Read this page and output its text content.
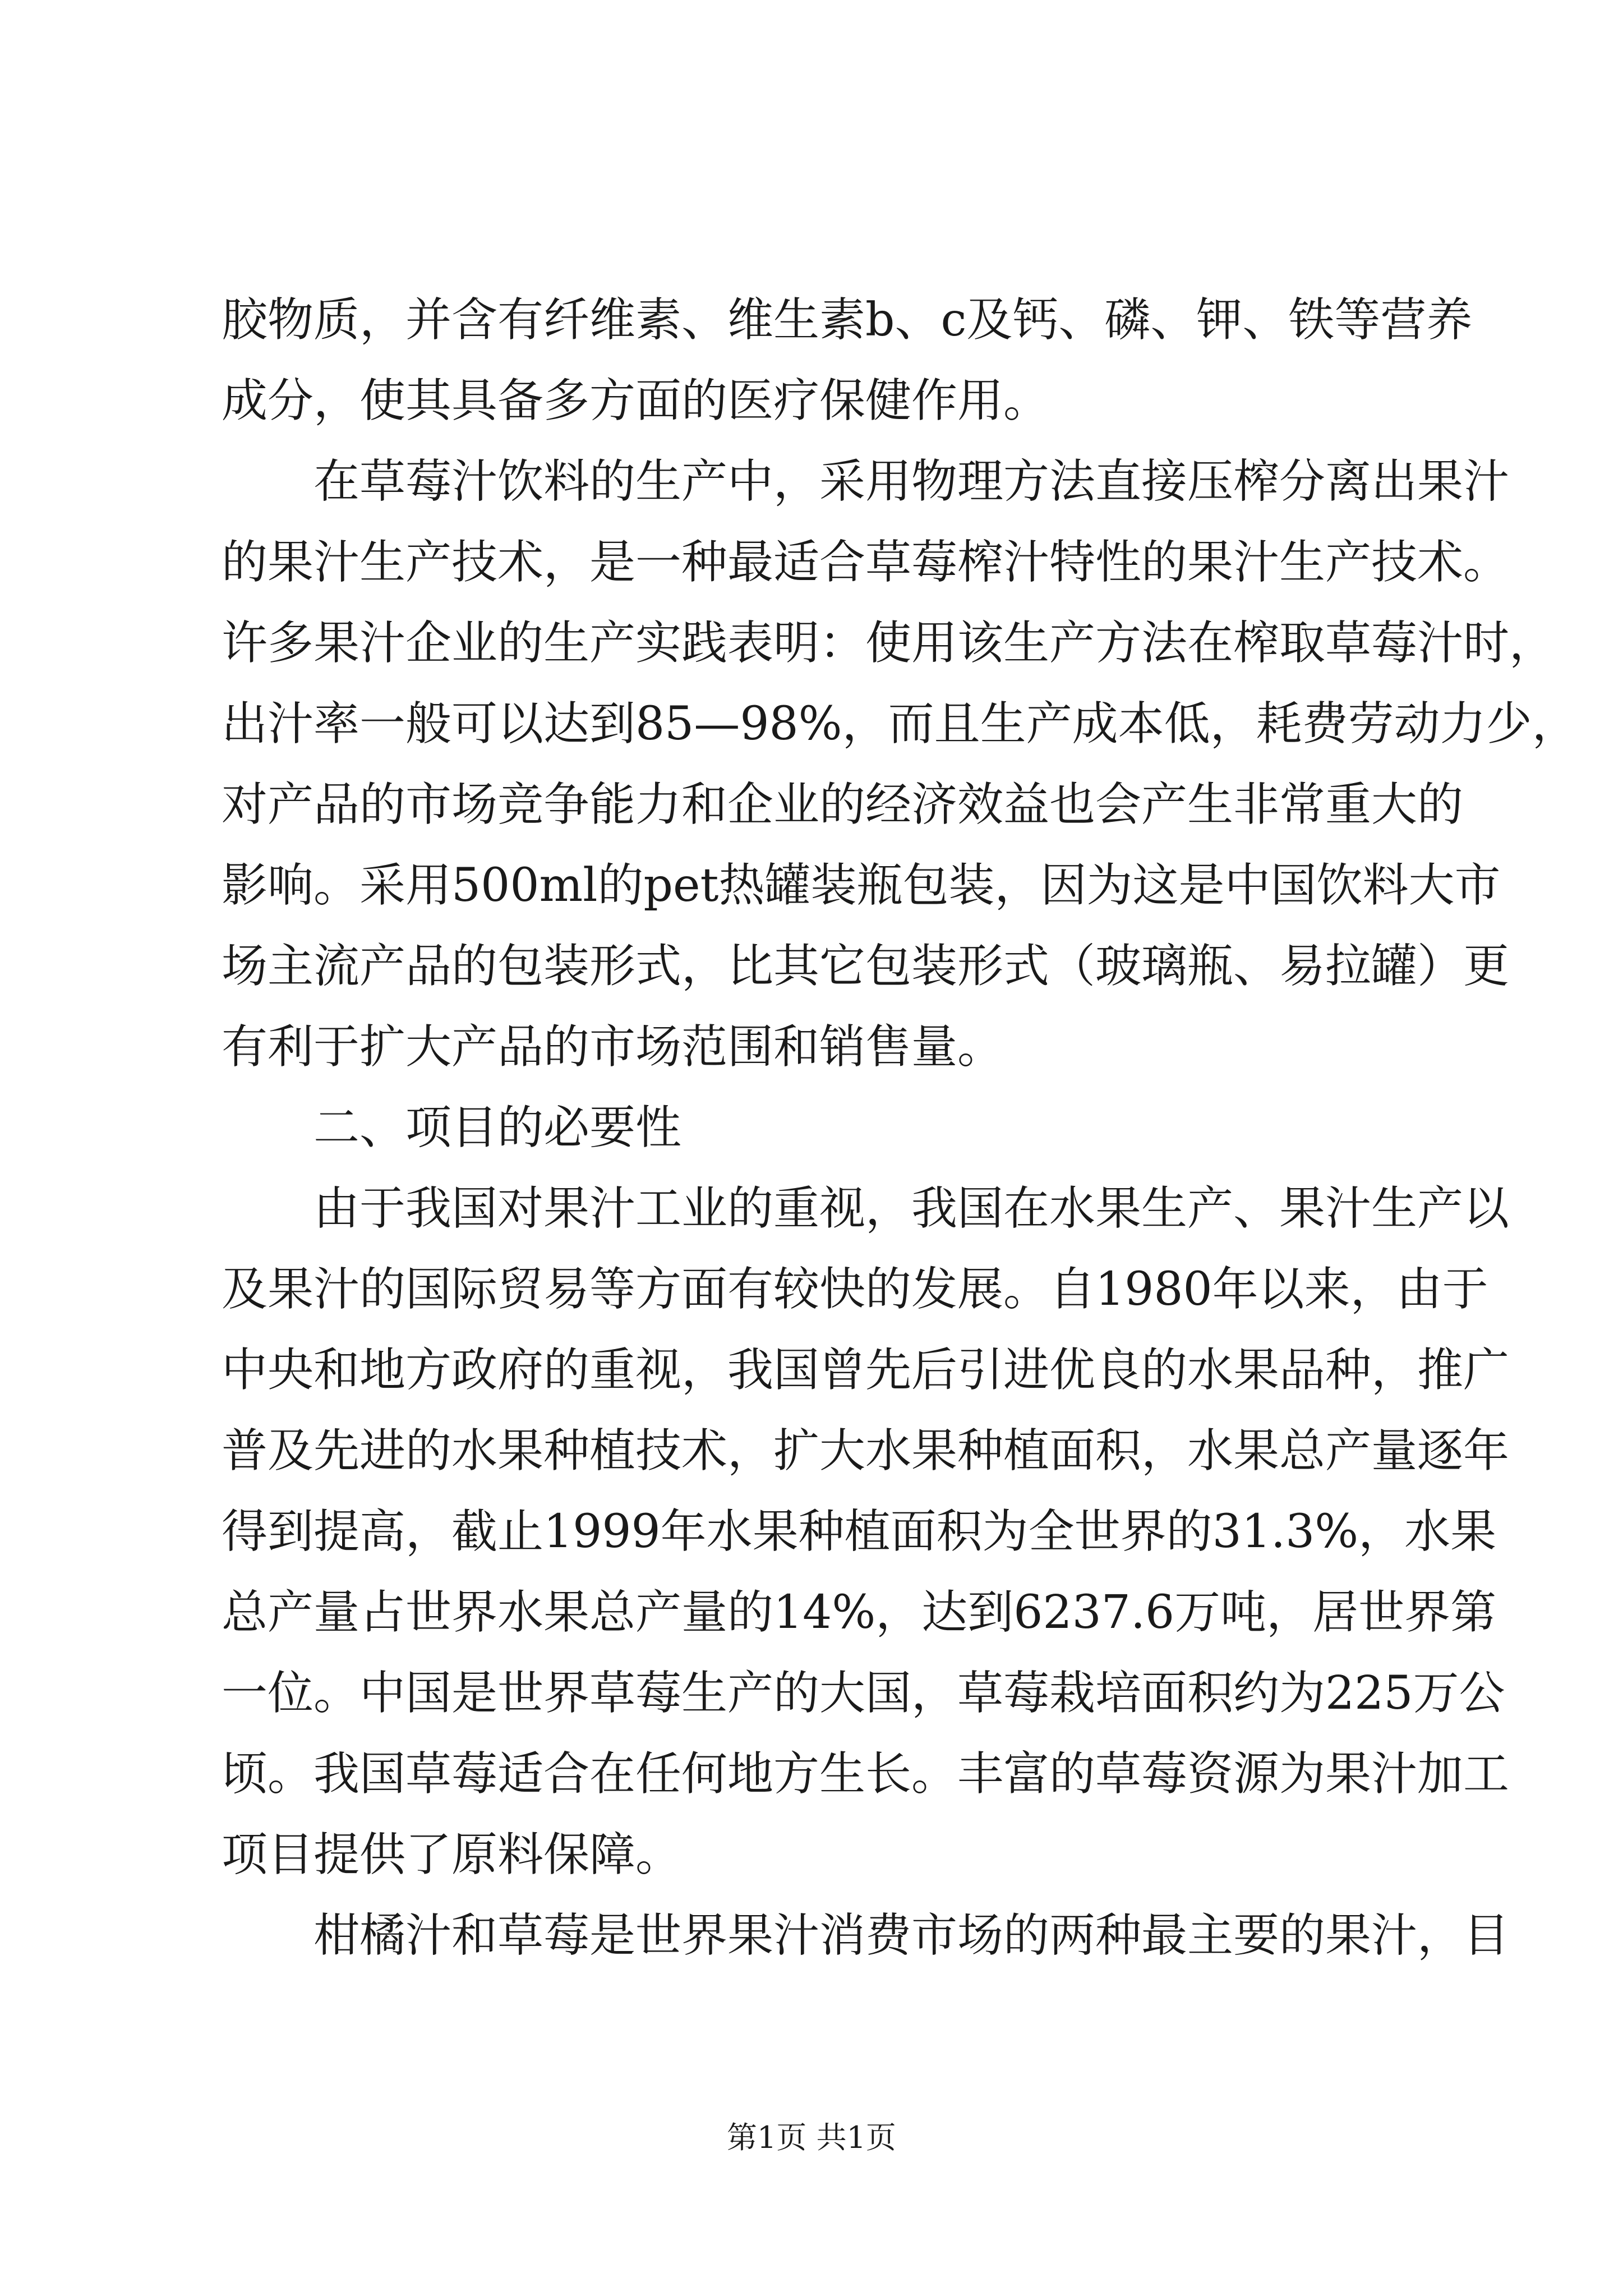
胶物质，并含有纤维素、维生素b、c及钙、磷、钾、铁等营养
成分，使其具备多方面的医疗保健作用。
在草莓汁饮料的生产中，采用物理方法直接压榨分离出果汁
的果汁生产技术，是一种最适合草莓榨汁特性的果汁生产技术。
许多果汁企业的生产实践表明：使用该生产方法在榨取草莓汁时，
出汁率一般可以达到85—98%，而且生产成本低，耗费劳动力少，
对产品的市场竞争能力和企业的经济效益也会产生非常重大的
影响。采用500ml的pet热罐装瓶包装，因为这是中国饮料大市
场主流产品的包装形式，比其它包装形式（玻璃瓶、易拉罐）更
有利于扩大产品的市场范围和销售量。
二、项目的必要性
由于我国对果汁工业的重视，我国在水果生产、果汁生产以
及果汁的国际贸易等方面有较快的发展。自1980年以来，由于
中央和地方政府的重视，我国曾先后引进优良的水果品种，推广
普及先进的水果种植技术，扩大水果种植面积，水果总产量逐年
得到提高，截止1999年水果种植面积为全世界的31.3%，水果
总产量占世界水果总产量的14%，达到6237.6万吨，居世界第
一位。中国是世界草莓生产的大国，草莓栽培面积约为225万公
顷。我国草莓适合在任何地方生长。丰富的草莓资源为果汁加工
项目提供了原料保障。
柑橘汁和草莓是世界果汁消费市场的两种最主要的果汁，目
第1页 共1页
